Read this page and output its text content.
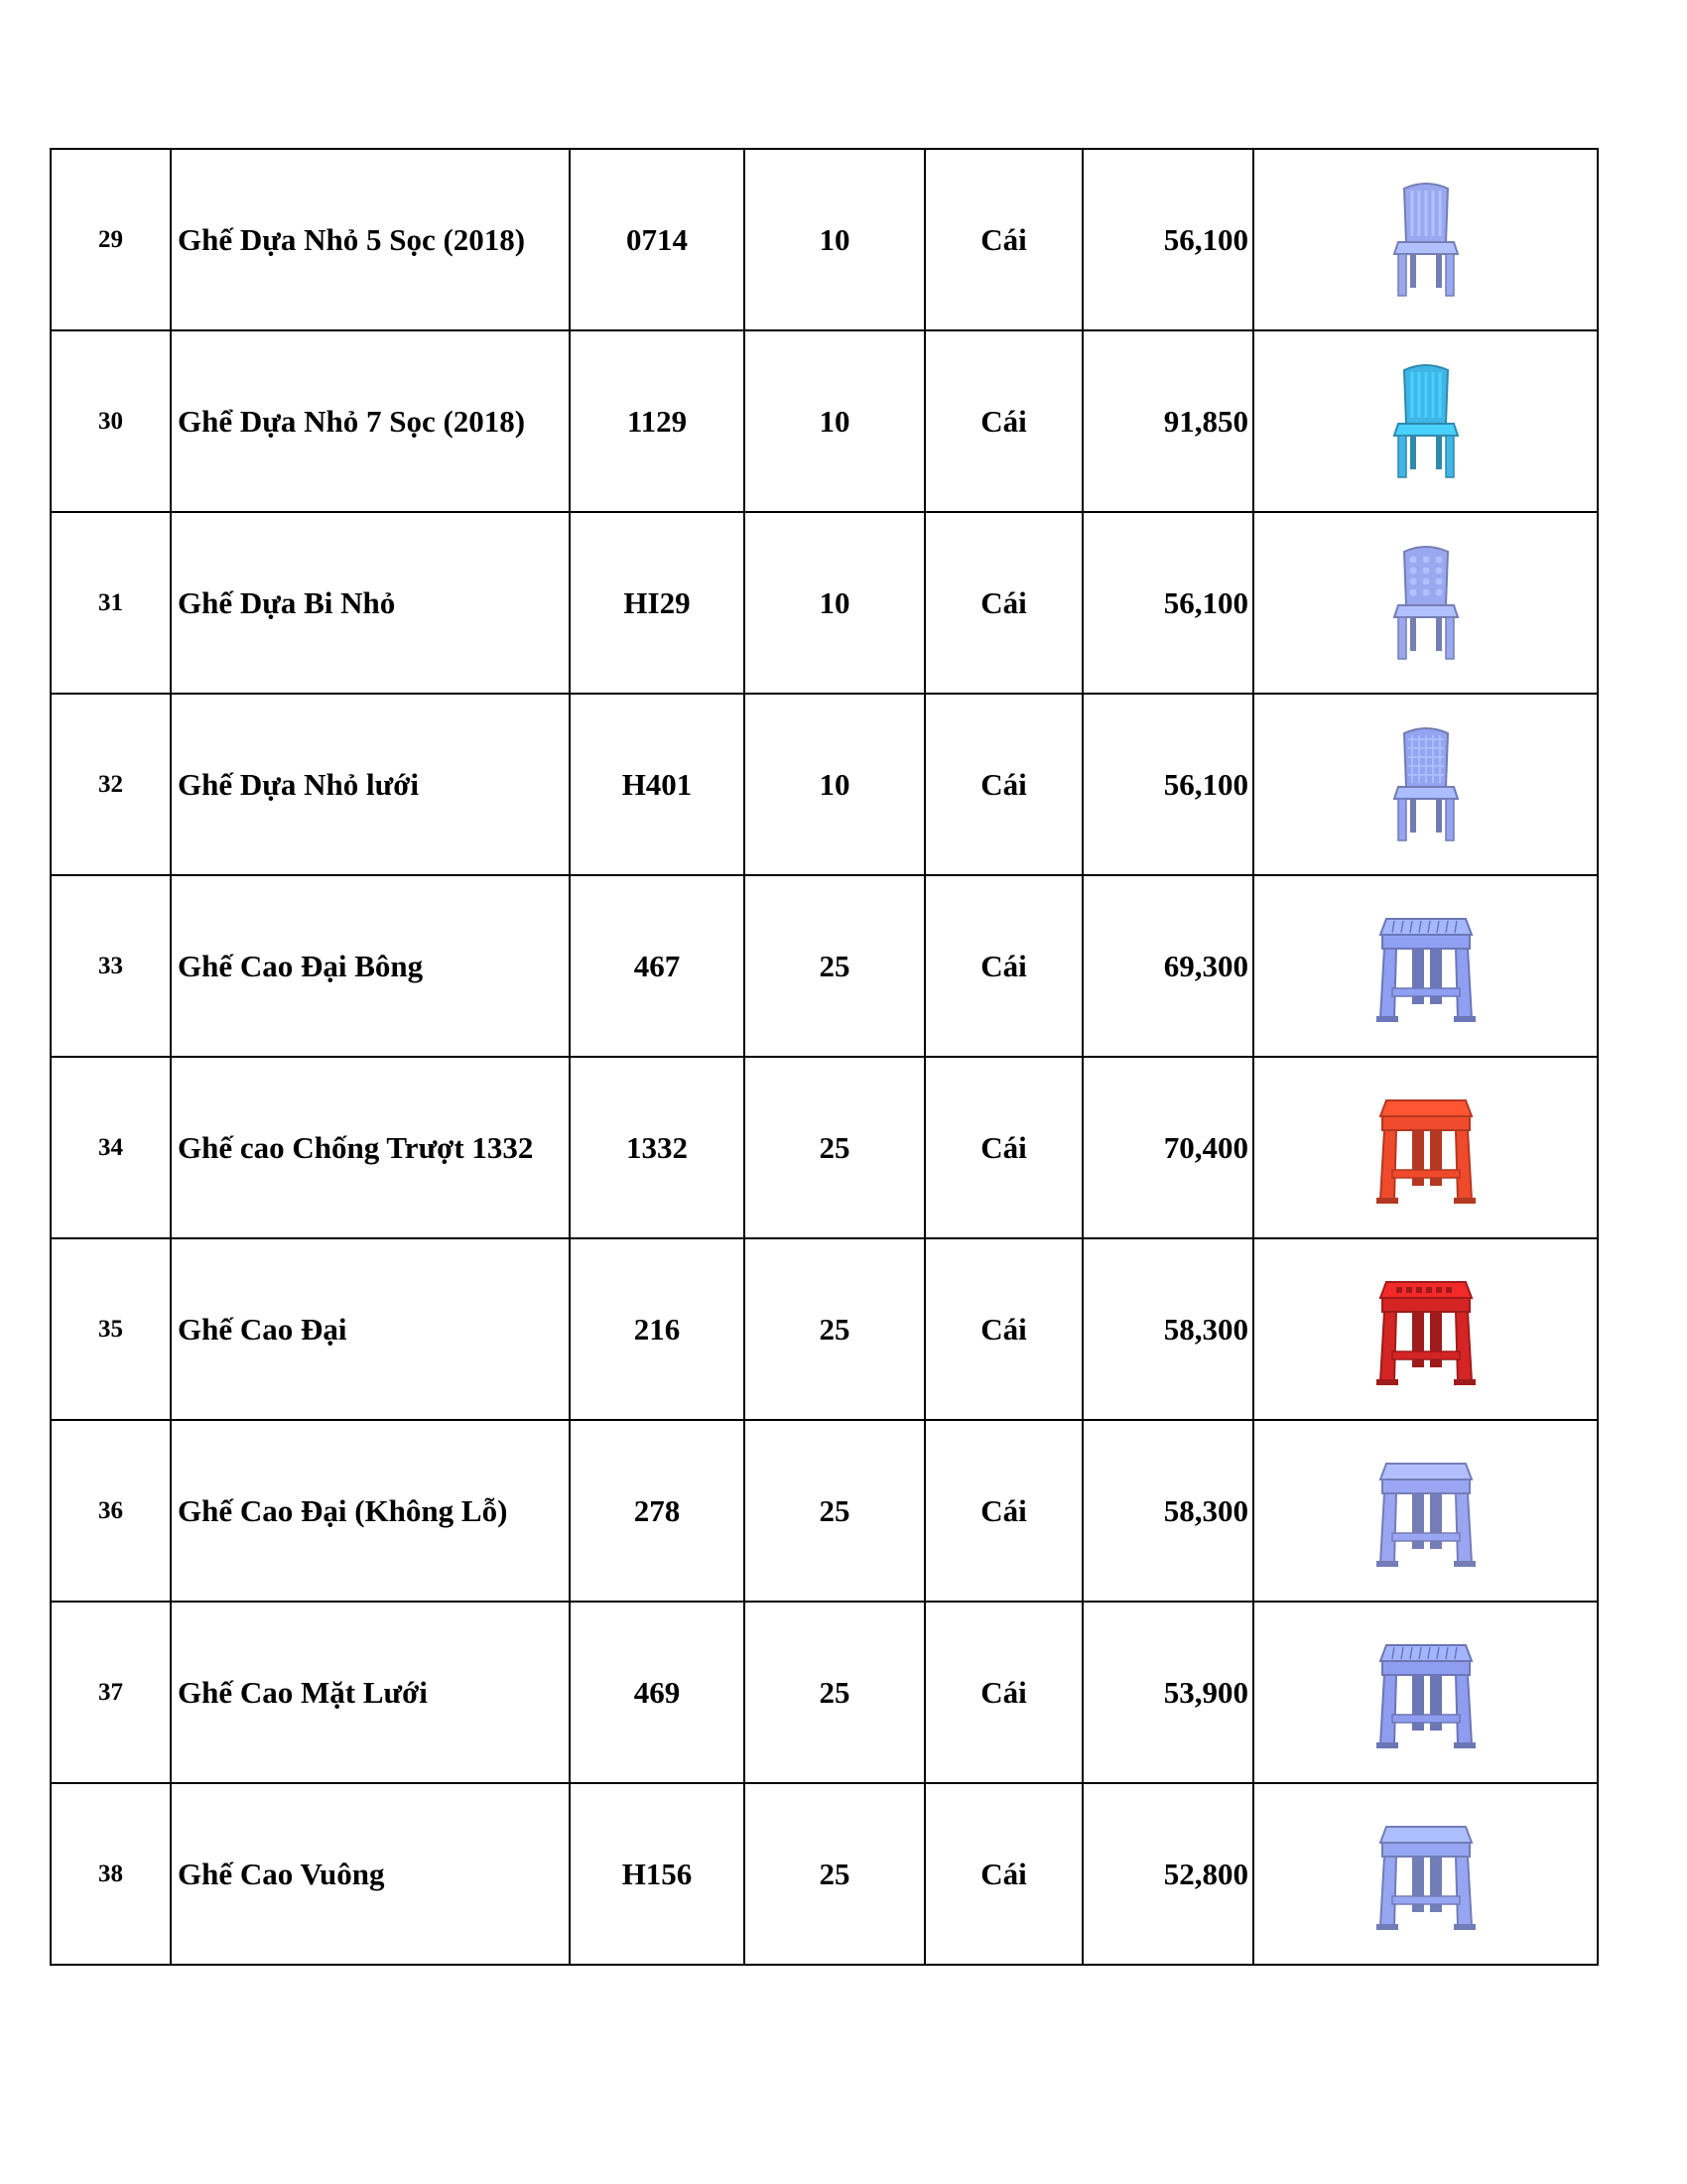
29	Ghế Dựa Nhỏ 5 Sọc (2018)	0714	10	Cái	56,100	

30	Ghể Dựa Nhỏ 7 Sọc (2018)	1129	10	Cái	91,850	

31	Ghế Dựa Bi Nhỏ	HI29	10	Cái	56,100	

32	Ghế Dựa Nhỏ lưới	H401	10	Cái	56,100	

33	Ghế Cao Đại Bông	467	25	Cái	69,300	

34	Ghế cao Chống Trượt 1332	1332	25	Cái	70,400	

35	Ghế Cao Đại	216	25	Cái	58,300	

36	Ghế Cao Đại (Không Lỗ)	278	25	Cái	58,300	

37	Ghế Cao Mặt Lưới	469	25	Cái	53,900	

38	Ghế Cao Vuông	H156	25	Cái	52,800	
